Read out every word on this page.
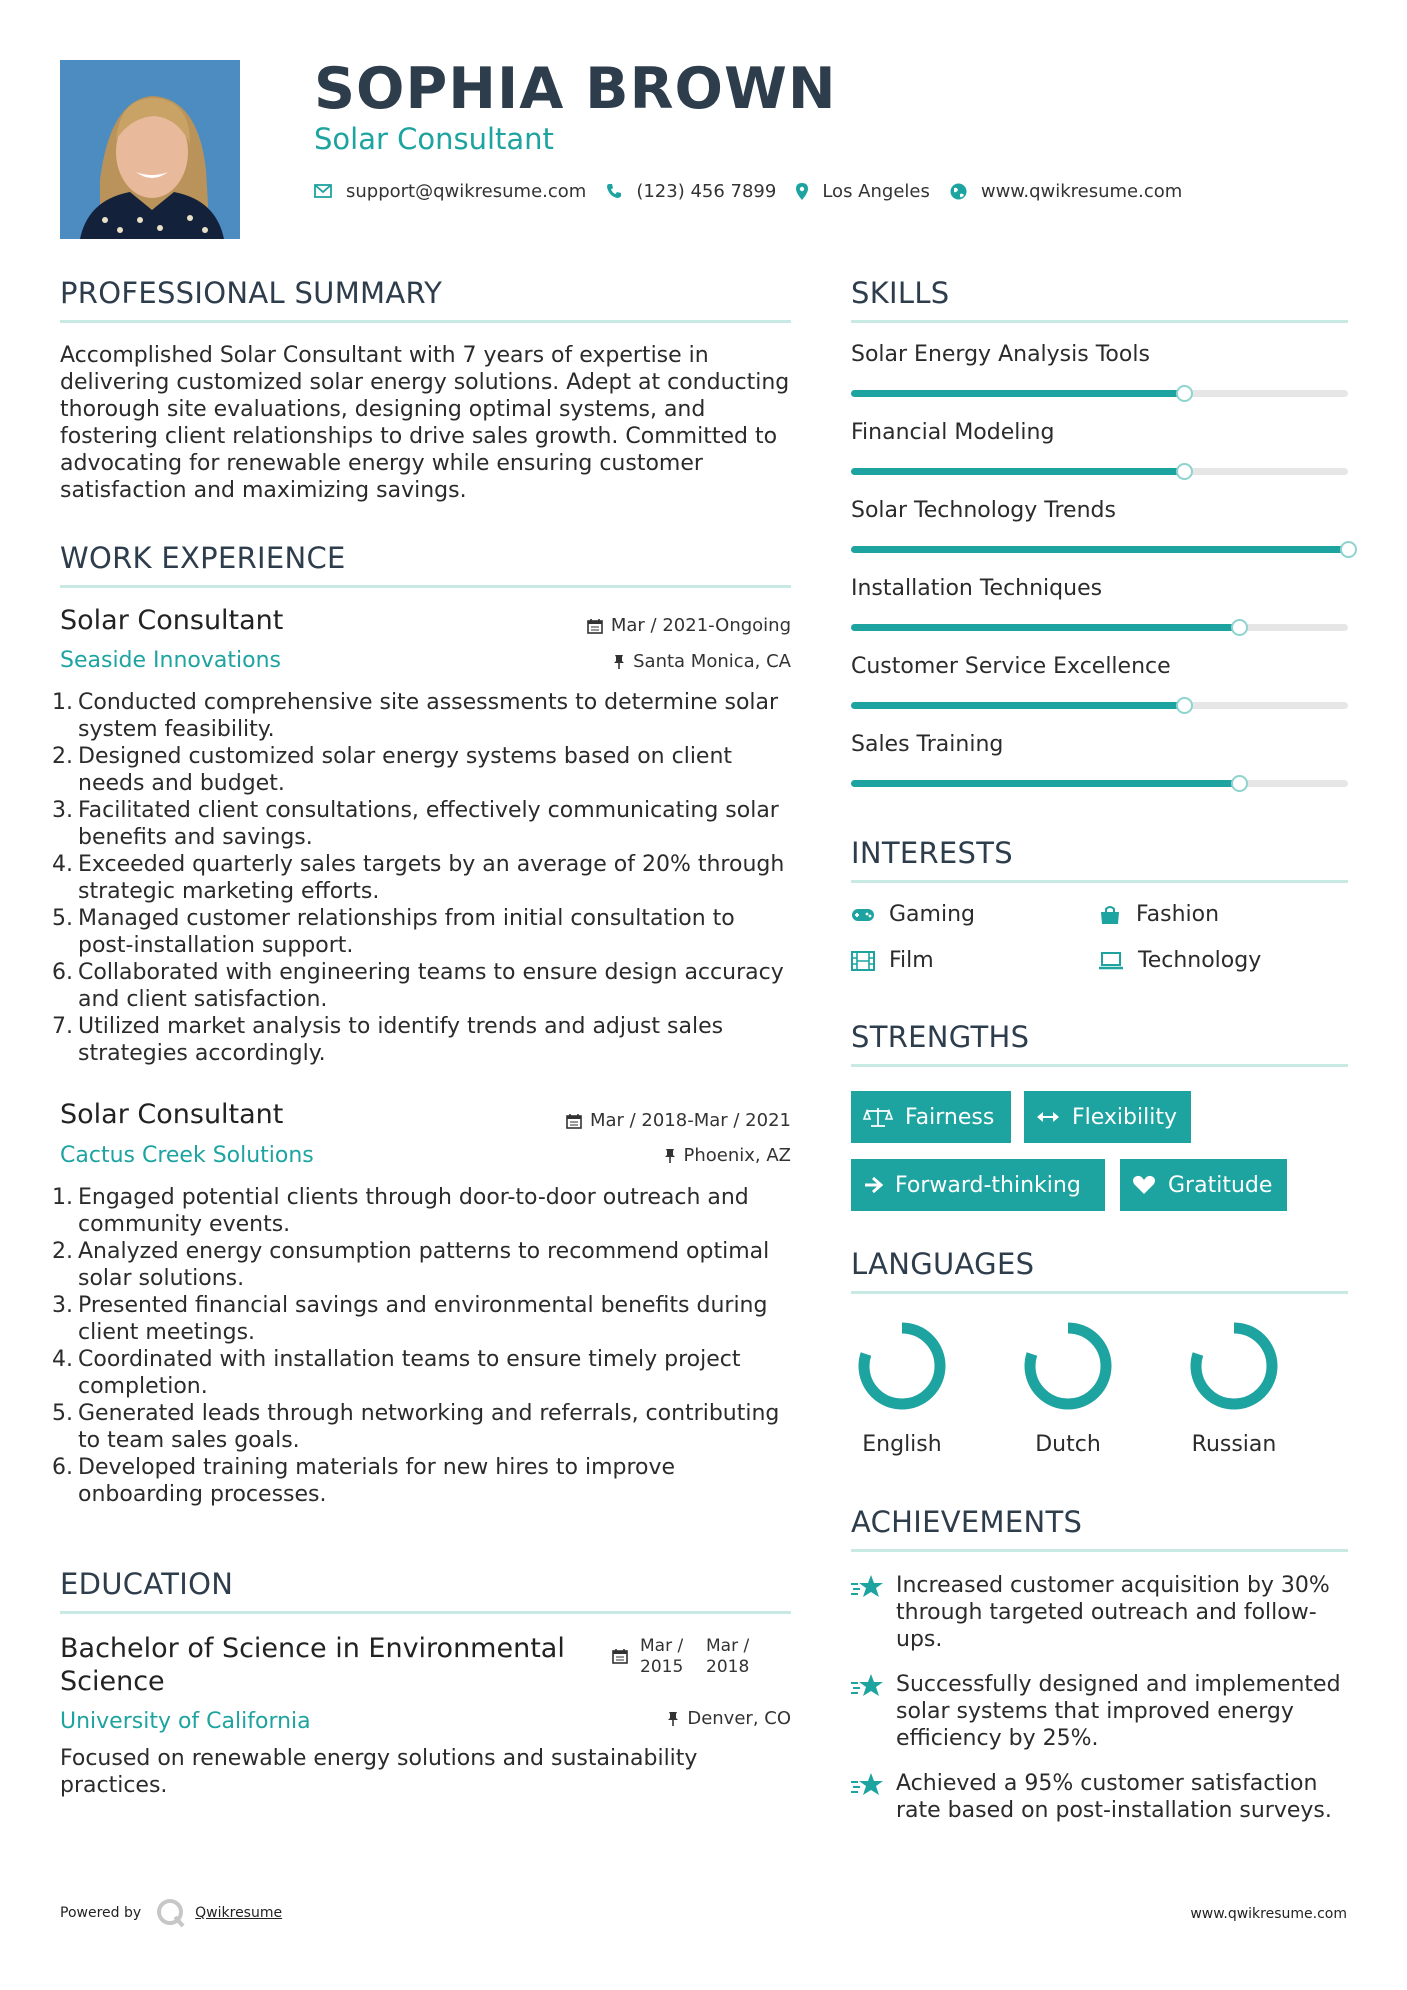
SOPHIA BROWN
Solar Consultant
support@qwikresume.com	(123) 456 7899	Los Angeles	www.qwikresume.com
PROFESSIONAL SUMMARY
Accomplished Solar Consultant with 7 years of expertise in delivering customized solar energy solutions. Adept at conducting thorough site evaluations, designing optimal systems, and fostering client relationships to drive sales growth. Committed to advocating for renewable energy while ensuring customer satisfaction and maximizing savings.
WORK EXPERIENCE
Solar Consultant	Mar / 2021-Ongoing
Seaside Innovations	Santa Monica, CA
1. Conducted comprehensive site assessments to determine solar system feasibility.
2. Designed customized solar energy systems based on client needs and budget.
3. Facilitated client consultations, effectively communicating solar benefits and savings.
4. Exceeded quarterly sales targets by an average of 20% through strategic marketing efforts.
5. Managed customer relationships from initial consultation to post-installation support.
6. Collaborated with engineering teams to ensure design accuracy and client satisfaction.
7. Utilized market analysis to identify trends and adjust sales strategies accordingly.
Solar Consultant	Mar / 2018-Mar / 2021
Cactus Creek Solutions	Phoenix, AZ
1. Engaged potential clients through door-to-door outreach and community events.
2. Analyzed energy consumption patterns to recommend optimal solar solutions.
3. Presented financial savings and environmental benefits during client meetings.
4. Coordinated with installation teams to ensure timely project completion.
5. Generated leads through networking and referrals, contributing to team sales goals.
6. Developed training materials for new hires to improve onboarding processes.
EDUCATION
Bachelor of Science in Environmental Science
Mar / 2015
Mar / 2018
University of California	Denver, CO
Focused on renewable energy solutions and sustainability practices.
SKILLS
Solar Energy Analysis Tools
Financial Modeling
Solar Technology Trends
Installation Techniques
Customer Service Excellence
Sales Training
INTERESTS
Gaming	Fashion
Film	Technology
STRENGTHS
Fairness	Flexibility
Forward-thinking	Gratitude
LANGUAGES
English	Dutch	Russian
ACHIEVEMENTS
Increased customer acquisition by 30% through targeted outreach and follow-ups.
Successfully designed and implemented solar systems that improved energy efficiency by 25%.
Achieved a 95% customer satisfaction rate based on post-installation surveys.
Powered by	Qwikresume	www.qwikresume.com
